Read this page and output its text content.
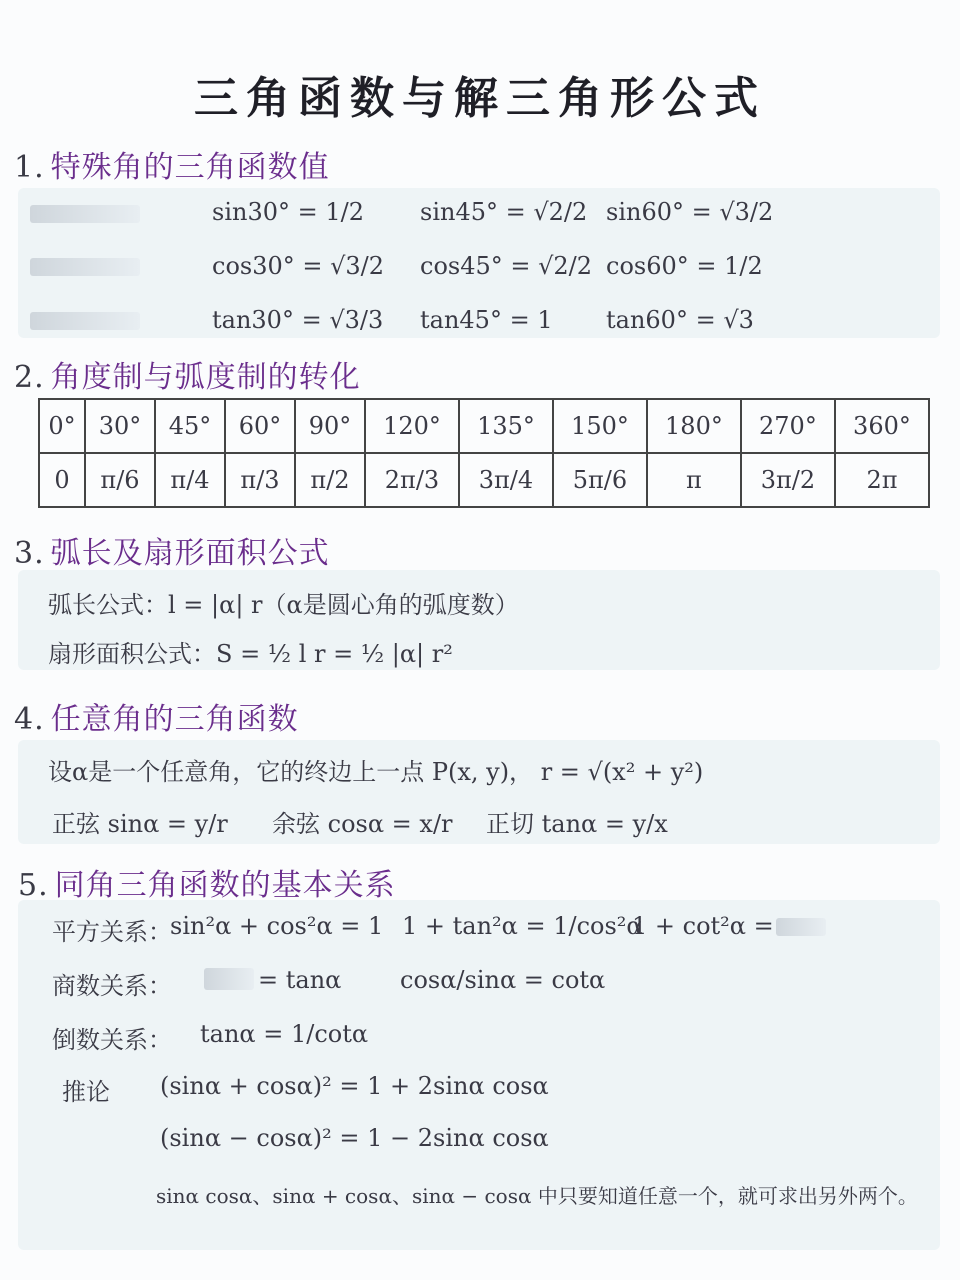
三角函数与解三角形公式
1. 特殊角的三角函数值
sin30° = 1/2 sin45° = √2/2 sin60° = √3/2
cos30° = √3/2 cos45° = √2/2 cos60° = 1/2
tan30° = √3/3 tan45° = 1 tan60° = √3
2. 角度制与弧度制的转化
0°	30°	45°	60°	90°	120°	135°	150°	180°	270°	360°
0	π/6	π/4	π/3	π/2	2π/3	3π/4	5π/6	π	3π/2	2π
3. 弧长及扇形面积公式
弧长公式：l = |α| r（α是圆心角的弧度数）
扇形面积公式：S = ½ l r = ½ |α| r²
4. 任意角的三角函数
设α是一个任意角，它的终边上一点 P(x, y)， r = √(x² + y²)
正弦 sinα = y/r 余弦 cosα = x/r 正切 tanα = y/x
5. 同角三角函数的基本关系
平方关系：
sin²α + cos²α = 1 1 + tan²α = 1/cos²α
1 + cot²α =
商数关系：	= tanα cosα/sinα = cotα
倒数关系： tanα = 1/cotα
推论 (sinα + cosα)² = 1 + 2sinα cosα
(sinα − cosα)² = 1 − 2sinα cosα
sinα cosα、sinα + cosα、sinα − cosα 中只要知道任意一个，就可求出另外两个。
